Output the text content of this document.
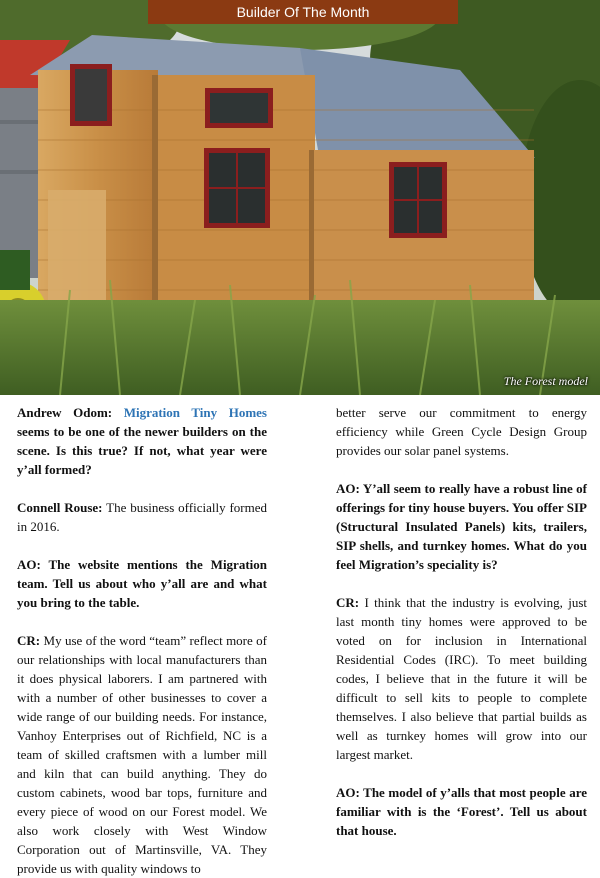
Builder Of The Month
The Forest model

Andrew Odom: Migration Tiny Homes seems to be one of the newer builders on the scene. Is this true? If not, what year were y’all formed?

Connell Rouse: The business officially formed in 2016.

AO: The website mentions the Migration team. Tell us about who y’all are and what you bring to the table.

CR: My use of the word “team” reflect more of our relationships with local manufacturers than it does physical laborers. I am partnered with with a number of other businesses to cover a wide range of our building needs. For instance, Vanhoy Enterprises out of Richfield, NC is a team of skilled craftsmen with a lumber mill and kiln that can build anything. They do custom cabinets, wood bar tops, furniture and every piece of wood on our Forest model. We also work closely with West Window Corporation out of Martinsville, VA. They provide us with quality windows to

better serve our commitment to energy efficiency while Green Cycle Design Group provides our solar panel systems.

AO: Y’all seem to really have a robust line of offerings for tiny house buyers. You offer SIP (Structural Insulated Panels) kits, trailers, SIP shells, and turnkey homes. What do you feel Migration’s speciality is?

CR: I think that the industry is evolving, just last month tiny homes were approved to be voted on for inclusion in International Residential Codes (IRC). To meet building codes, I believe that in the future it will be difficult to sell kits to people to complete themselves. I also believe that partial builds as well as turnkey homes will grow into our largest market.

AO: The model of y’alls that most people are familiar with is the ‘Forest’. Tell us about that house.
